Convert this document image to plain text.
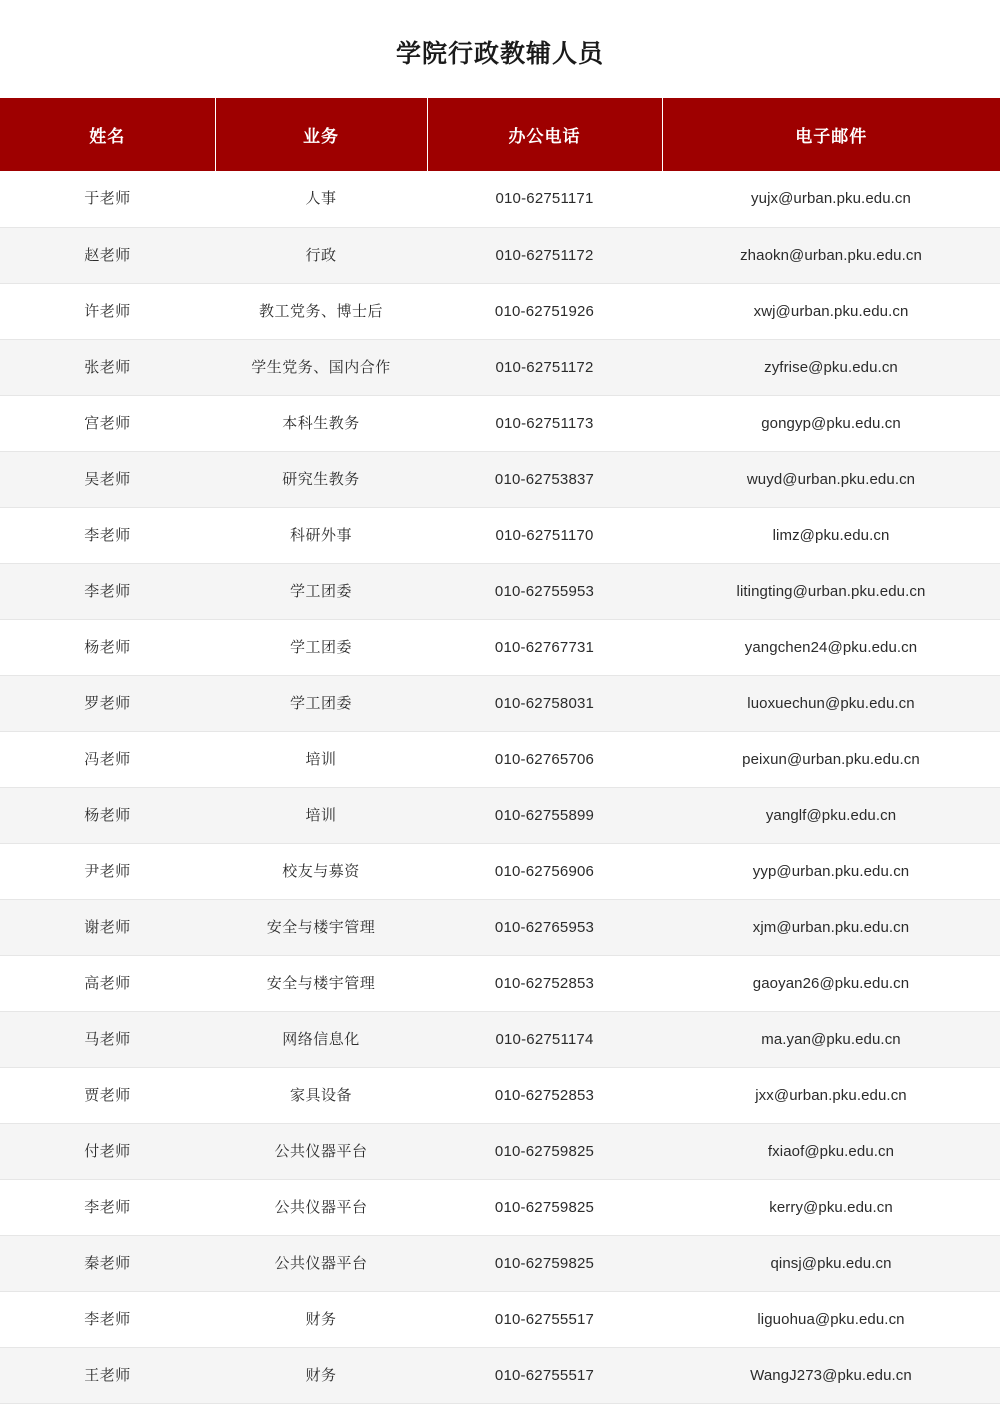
学院行政教辅人员
姓名	业务	办公电话	电子邮件
于老师	人事	010-62751171	yujx@urban.pku.edu.cn
赵老师	行政	010-62751172	zhaokn@urban.pku.edu.cn
许老师	教工党务、博士后	010-62751926	xwj@urban.pku.edu.cn
张老师	学生党务、国内合作	010-62751172	zyfrise@pku.edu.cn
宫老师	本科生教务	010-62751173	gongyp@pku.edu.cn
吴老师	研究生教务	010-62753837	wuyd@urban.pku.edu.cn
李老师	科研外事	010-62751170	limz@pku.edu.cn
李老师	学工团委	010-62755953	litingting@urban.pku.edu.cn
杨老师	学工团委	010-62767731	yangchen24@pku.edu.cn
罗老师	学工团委	010-62758031	luoxuechun@pku.edu.cn
冯老师	培训	010-62765706	peixun@urban.pku.edu.cn
杨老师	培训	010-62755899	yanglf@pku.edu.cn
尹老师	校友与募资	010-62756906	yyp@urban.pku.edu.cn
谢老师	安全与楼宇管理	010-62765953	xjm@urban.pku.edu.cn
高老师	安全与楼宇管理	010-62752853	gaoyan26@pku.edu.cn
马老师	网络信息化	010-62751174	ma.yan@pku.edu.cn
贾老师	家具设备	010-62752853	jxx@urban.pku.edu.cn
付老师	公共仪器平台	010-62759825	fxiaof@pku.edu.cn
李老师	公共仪器平台	010-62759825	kerry@pku.edu.cn
秦老师	公共仪器平台	010-62759825	qinsj@pku.edu.cn
李老师	财务	010-62755517	liguohua@pku.edu.cn
王老师	财务	010-62755517	WangJ273@pku.edu.cn
